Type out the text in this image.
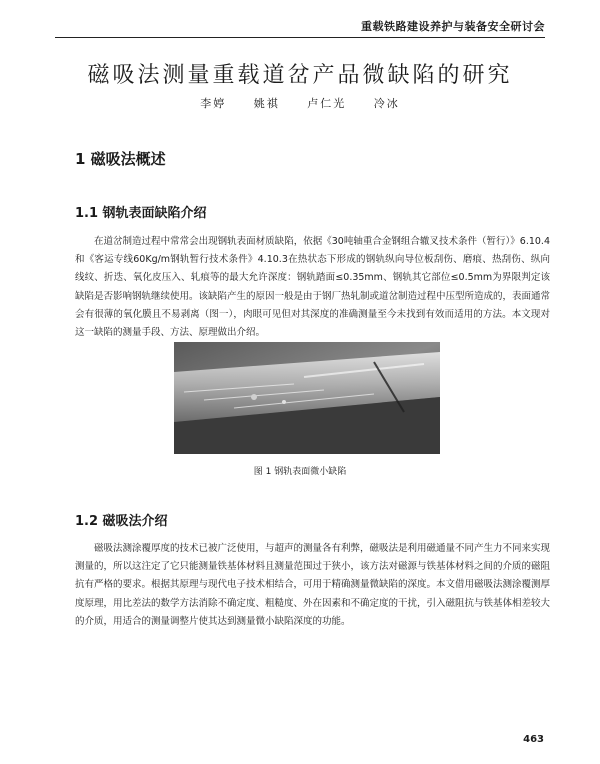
重载铁路建设养护与装备安全研讨会
磁吸法测量重载道岔产品微缺陷的研究
李婷	姚祺	卢仁光	冷冰
1 磁吸法概述
1.1 钢轨表面缺陷介绍
在道岔制造过程中常常会出现钢轨表面材质缺陷，依据《30吨轴重合金钢组合辙叉技术条件（暂行）》6.10.4和《客运专线60Kg/m钢轨暂行技术条件》4.10.3在热状态下形成的钢轨纵向导位板刮伤、磨痕、热刮伤、纵向线纹、折迭、氧化皮压入、轧痕等的最大允许深度：钢轨踏面≤0.35mm、钢轨其它部位≤0.5mm为界限判定该缺陷是否影响钢轨继续使用。该缺陷产生的原因一般是由于钢厂热轧制或道岔制造过程中压型所造成的，表面通常会有很薄的氧化膜且不易剥离（图一），肉眼可见但对其深度的准确测量至今未找到有效而适用的方法。本文现对这一缺陷的测量手段、方法、原理做出介绍。
图 1 钢轨表面微小缺陷
1.2 磁吸法介绍
磁吸法测涂覆厚度的技术已被广泛使用，与超声的测量各有利弊，磁吸法是利用磁通量不同产生力不同来实现测量的，所以这注定了它只能测量铁基体材料且测量范围过于狭小，该方法对磁源与铁基体材料之间的介质的磁阻抗有严格的要求。根据其原理与现代电子技术相结合，可用于精确测量微缺陷的深度。本文借用磁吸法测涂覆测厚度原理，用比差法的数学方法消除不确定度、粗糙度、外在因素和不确定度的干扰，引入磁阻抗与铁基体相差较大的介质，用适合的测量调整片使其达到测量微小缺陷深度的功能。
463
